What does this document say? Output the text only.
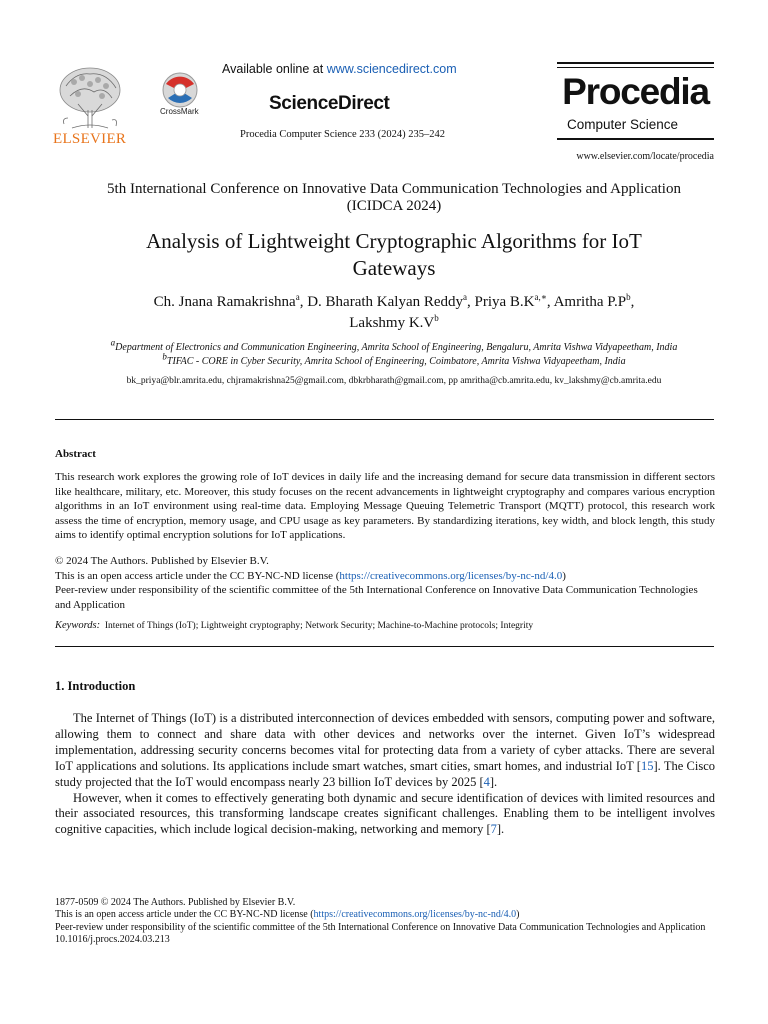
ELSEVIER
CrossMark
Available online at www.sciencedirect.com
ScienceDirect
Procedia Computer Science 233 (2024) 235–242
Procedia
Computer Science
www.elsevier.com/locate/procedia
5th International Conference on Innovative Data Communication Technologies and Application
(ICIDCA 2024)
Analysis of Lightweight Cryptographic Algorithms for IoT
Gateways
Ch. Jnana Ramakrishna$^a$, D. Bharath Kalyan Reddy$^a$, Priya $B.K^{a,∗}$, Amritha $P.P^b$,
Lakshmy $K.V^b$
$^a$Department of Electronics and Communication Engineering, Amrita School of Engineering, Bengaluru, Amrita Vishwa Vidyapeetham, India
$^b$TIFAC - CORE in Cyber Security, Amrita School of Engineering, Coimbatore, Amrita Vishwa Vidyapeetham, India
bk_priya@blr.amrita.edu, chjramakrishna25@gmail.com, dbkrbharath@gmail.com, pp amritha@cb.amrita.edu, kv_lakshmy@cb.amrita.edu
Abstract
This research work explores the growing role of IoT devices in daily life and the increasing demand for secure data transmission in different sectors like healthcare, military, etc. Moreover, this study focuses on the recent advancements in lightweight cryptography and compares various encryption algorithms in an IoT environment using real-time data. Employing Message Queuing Telemetric Transport (MQTT) protocol, this research work assess the time of encryption, memory usage, and CPU usage as key parameters. By standardizing iterations, key width, and block length, this study aims to identify optimal encryption solutions for IoT applications.
© 2024 The Authors. Published by Elsevier B.V.
This is an open access article under the CC BY-NC-ND license (https://creativecommons.org/licenses/by-nc-nd/4.0)
Peer-review under responsibility of the scientific committee of the 5th International Conference on Innovative Data Communication Technologies and Application
Keywords: Internet of Things (IoT); Lightweight cryptography; Network Security; Machine-to-Machine protocols; Integrity
1. Introduction

The Internet of Things (IoT) is a distributed interconnection of devices embedded with sensors, computing power and software, allowing them to connect and share data with other devices and networks over the internet. Given IoT’s widespread implementation, addressing security concerns becomes vital for protecting data from a variety of cyber attacks. There are several IoT applications and solutions. Its applications include smart watches, smart cities, smart homes, and industrial IoT [15]. The Cisco study projected that the IoT would encompass nearly 23 billion IoT devices by 2025 [4].

However, when it comes to effectively generating both dynamic and secure identification of devices with limited resources and their associated resources, this transforming landscape creates significant challenges. Enabling them to be intelligent involves cognitive capacities, which include logical decision-making, networking and memory [7].

1877-0509 © 2024 The Authors. Published by Elsevier B.V.
This is an open access article under the CC BY-NC-ND license (https://creativecommons.org/licenses/by-nc-nd/4.0)
Peer-review under responsibility of the scientific committee of the 5th International Conference on Innovative Data Communication Technologies and Application
10.1016/j.procs.2024.03.213
